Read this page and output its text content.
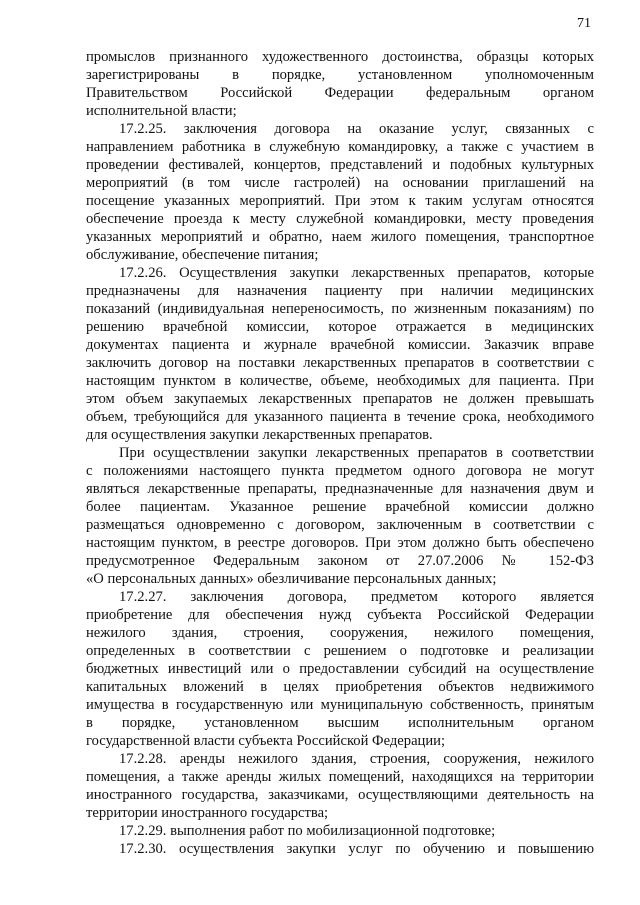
71
промыслов признанного художественного достоинства, образцы которых
зарегистрированы в порядке, установленном уполномоченным
Правительством Российской Федерации федеральным органом
исполнительной власти;
17.2.25. заключения договора на оказание услуг, связанных с
направлением работника в служебную командировку, а также с участием в
проведении фестивалей, концертов, представлений и подобных культурных
мероприятий (в том числе гастролей) на основании приглашений на
посещение указанных мероприятий. При этом к таким услугам относятся
обеспечение проезда к месту служебной командировки, месту проведения
указанных мероприятий и обратно, наем жилого помещения, транспортное
обслуживание, обеспечение питания;
17.2.26. Осуществления закупки лекарственных препаратов, которые
предназначены для назначения пациенту при наличии медицинских
показаний (индивидуальная непереносимость, по жизненным показаниям) по
решению врачебной комиссии, которое отражается в медицинских
документах пациента и журнале врачебной комиссии. Заказчик вправе
заключить договор на поставки лекарственных препаратов в соответствии с
настоящим пунктом в количестве, объеме, необходимых для пациента. При
этом объем закупаемых лекарственных препаратов не должен превышать
объем, требующийся для указанного пациента в течение срока, необходимого
для осуществления закупки лекарственных препаратов.
При осуществлении закупки лекарственных препаратов в соответствии
с положениями настоящего пункта предметом одного договора не могут
являться лекарственные препараты, предназначенные для назначения двум и
более пациентам. Указанное решение врачебной комиссии должно
размещаться одновременно с договором, заключенным в соответствии с
настоящим пунктом, в реестре договоров. При этом должно быть обеспечено
предусмотренное Федеральным законом от 27.07.2006 № 152-ФЗ
«О персональных данных» обезличивание персональных данных;
17.2.27. заключения договора, предметом которого является
приобретение для обеспечения нужд субъекта Российской Федерации
нежилого здания, строения, сооружения, нежилого помещения,
определенных в соответствии с решением о подготовке и реализации
бюджетных инвестиций или о предоставлении субсидий на осуществление
капитальных вложений в целях приобретения объектов недвижимого
имущества в государственную или муниципальную собственность, принятым
в порядке, установленном высшим исполнительным органом
государственной власти субъекта Российской Федерации;
17.2.28. аренды нежилого здания, строения, сооружения, нежилого
помещения, а также аренды жилых помещений, находящихся на территории
иностранного государства, заказчиками, осуществляющими деятельность на
территории иностранного государства;
17.2.29. выполнения работ по мобилизационной подготовке;
17.2.30. осуществления закупки услуг по обучению и повышению
